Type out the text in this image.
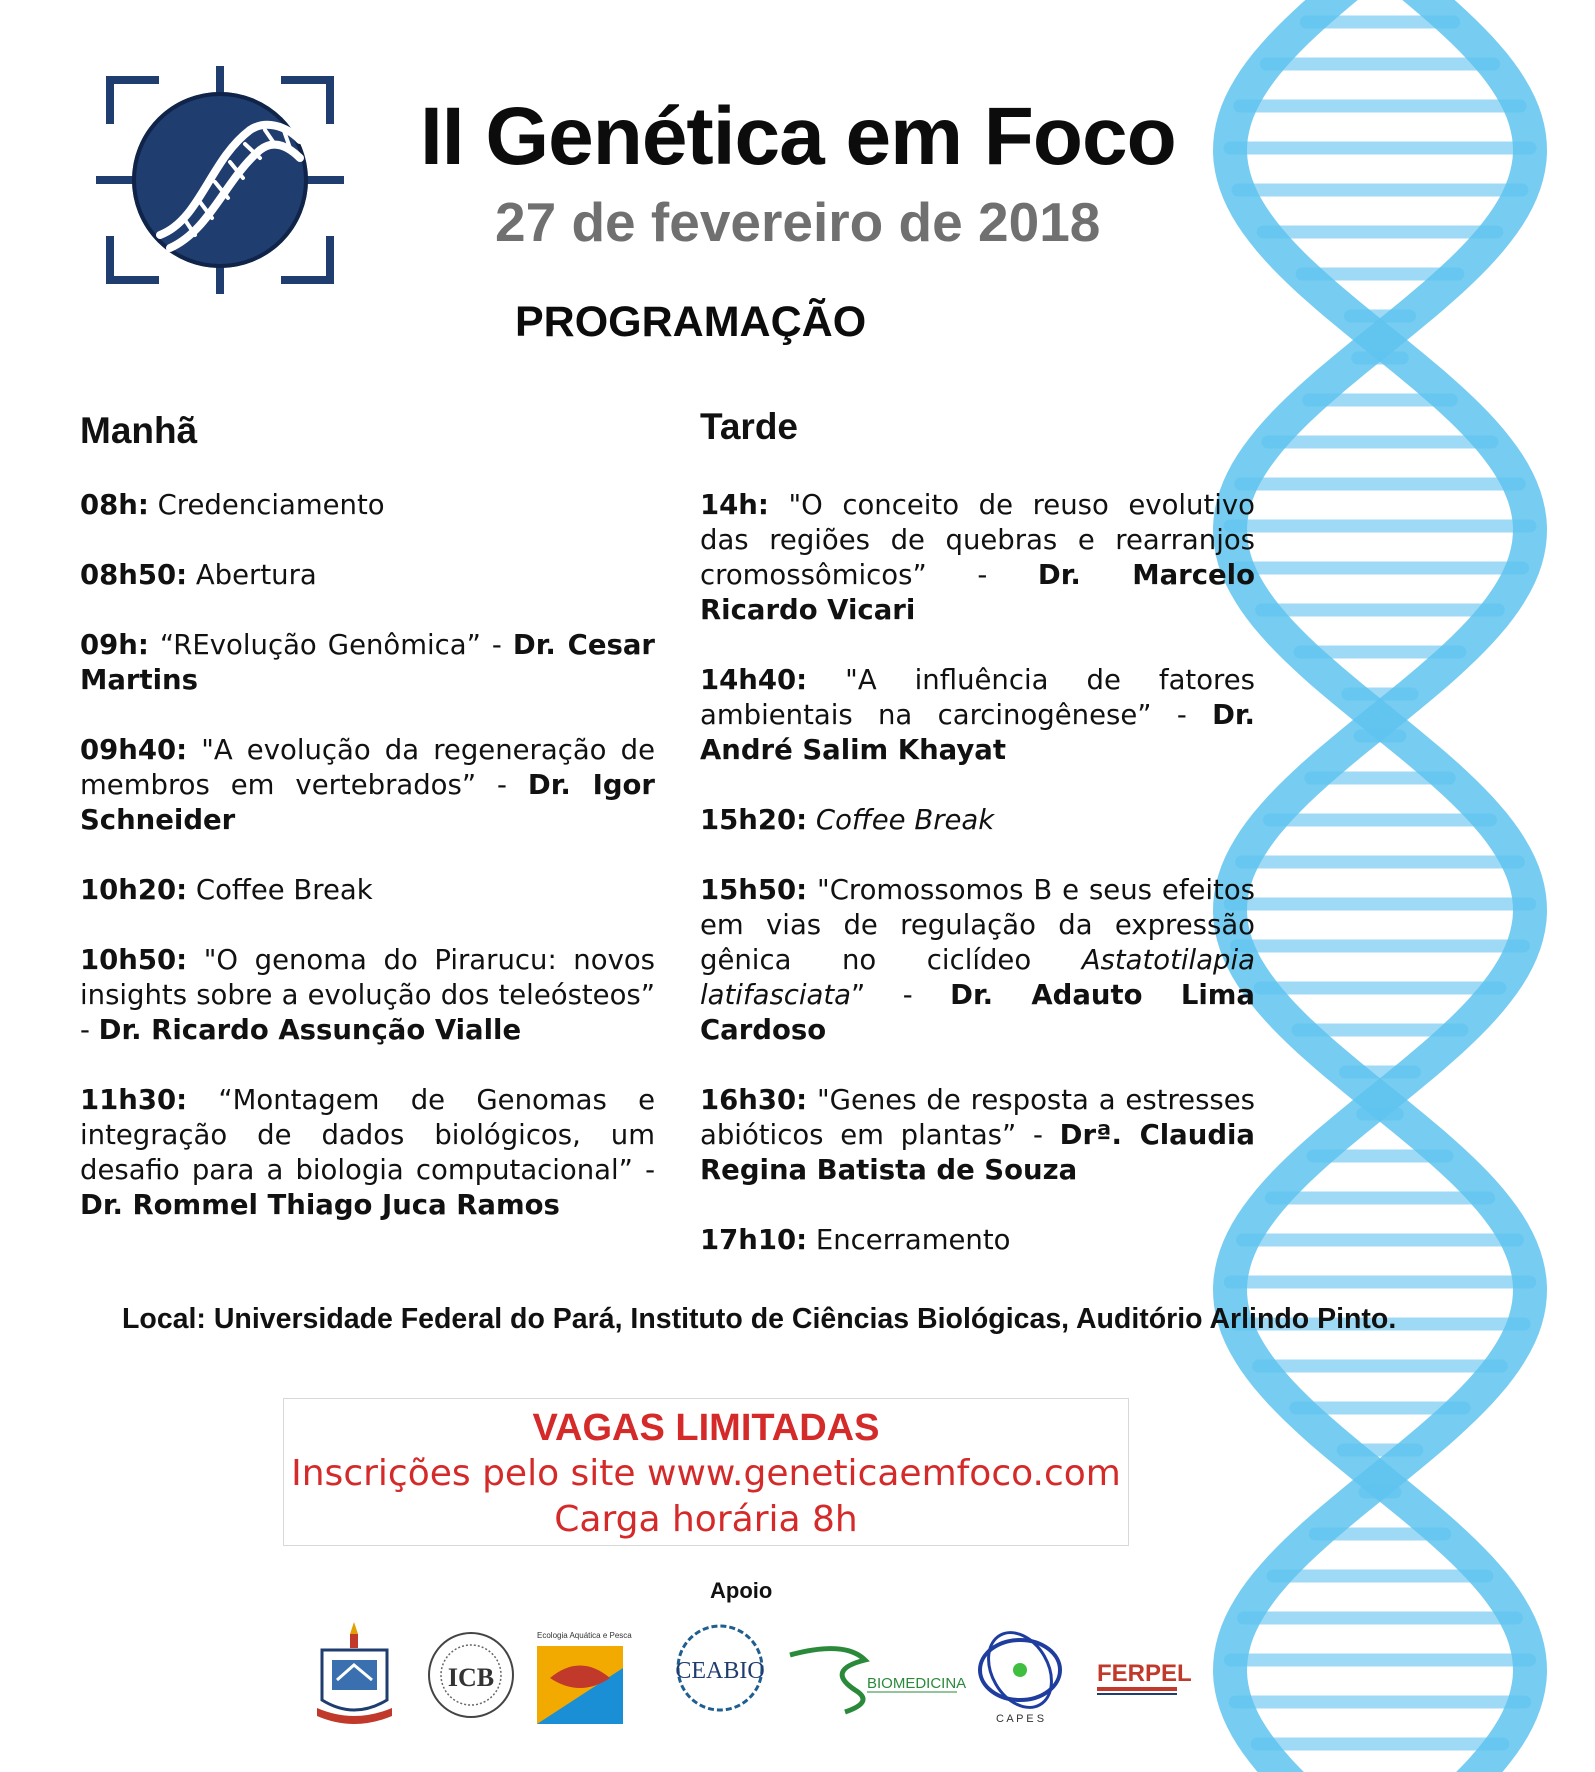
II Genética em Foco
27 de fevereiro de 2018
PROGRAMAÇÃO
Manhã	Tarde

08h: Credenciamento

08h50: Abertura

09h: “REvolução Genômica” - Dr. Cesar Martins

09h40: "A evolução da regeneração de membros em vertebrados” - Dr. Igor Schneider

10h20: Coffee Break

10h50: "O genoma do Pirarucu: novos insights sobre a evolução dos teleósteos” - Dr. Ricardo Assunção Vialle

11h30: “Montagem de Genomas e integração de dados biológicos, um desafio para a biologia computacional” - Dr. Rommel Thiago Juca Ramos

14h: "O conceito de reuso evolutivo das regiões de quebras e rearranjos cromossômicos” - Dr. Marcelo Ricardo Vicari

14h40: "A influência de fatores ambientais na carcinogênese” - Dr. André Salim Khayat

15h20: Coffee Break

15h50: "Cromossomos B e seus efeitos em vias de regulação da expressão gênica no ciclídeo Astatotilapia latifasciata” - Dr. Adauto Lima Cardoso

16h30: "Genes de resposta a estresses abióticos em plantas” - Drª. Claudia Regina Batista de Souza

17h10: Encerramento

Local: Universidade Federal do Pará, Instituto de Ciências Biológicas, Auditório Arlindo Pinto.
VAGAS LIMITADAS
Inscrições pelo site www.geneticaemfoco.com
Carga horária 8h
Apoio
ICB
Ecologia Aquática e Pesca
CEABIO	BIOMEDICINA
C A P E S
FERPEL
